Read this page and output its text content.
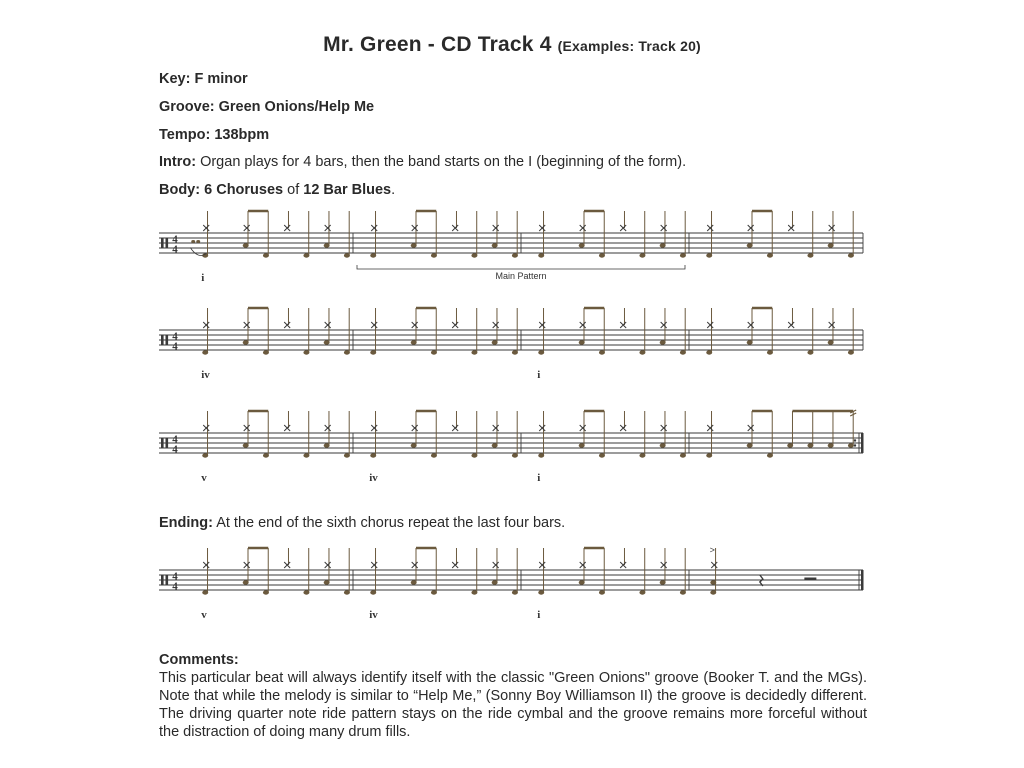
Mr. Green - CD Track 4 (Examples: Track 20)
Key: F minor
Groove: Green Onions/Help Me
Tempo: 138bpm
Intro: Organ plays for 4 bars, then the band starts on the I (beginning of the form).
Body: 6 Choruses of 12 Bar Blues.
4
4
i	Main Pattern
4
4
iv	i
4
4
v	iv	i
Ending: At the end of the sixth chorus repeat the last four bars.
4
4
v	iv	i
>
Comments:

This particular beat will always identify itself with the classic "Green Onions" groove (Booker T. and the MGs). Note that while the melody is similar to “Help Me,” (Sonny Boy Williamson II) the groove is decidedly different. The driving quarter note ride pattern stays on the ride cymbal and the groove remains more forceful without the distraction of doing many drum fills.
